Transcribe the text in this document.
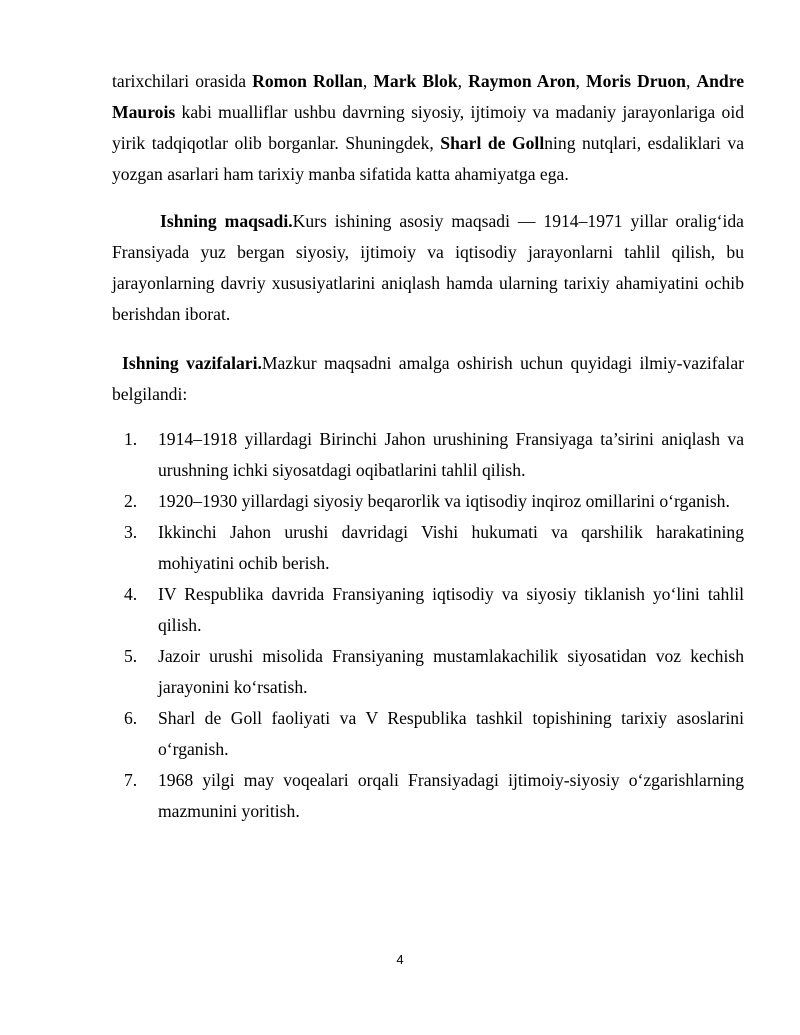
tarixchilari orasida Romon Rollan, Mark Blok, Raymon Aron, Moris Druon, Andre Maurois kabi mualliflar ushbu davrning siyosiy, ijtimoiy va madaniy jarayonlariga oid yirik tadqiqotlar olib borganlar. Shuningdek, Sharl de Gollning nutqlari, esdaliklari va yozgan asarlari ham tarixiy manba sifatida katta ahamiyatga ega.

Ishning maqsadi.Kurs ishining asosiy maqsadi — 1914–1971 yillar oralig‘ida Fransiyada yuz bergan siyosiy, ijtimoiy va iqtisodiy jarayonlarni tahlil qilish, bu jarayonlarning davriy xususiyatlarini aniqlash hamda ularning tarixiy ahamiyatini ochib berishdan iborat.

Ishning vazifalari.Mazkur maqsadni amalga oshirish uchun quyidagi ilmiy-vazifalar belgilandi:

1.	1914–1918 yillardagi Birinchi Jahon urushining Fransiyaga ta’sirini aniqlash va urushning ichki siyosatdagi oqibatlarini tahlil qilish.
2.	1920–1930 yillardagi siyosiy beqarorlik va iqtisodiy inqiroz omillarini o‘rganish.
3.	Ikkinchi Jahon urushi davridagi Vishi hukumati va qarshilik harakatining mohiyatini ochib berish.
4.	IV Respublika davrida Fransiyaning iqtisodiy va siyosiy tiklanish yo‘lini tahlil qilish.
5.	Jazoir urushi misolida Fransiyaning mustamlakachilik siyosatidan voz kechish jarayonini ko‘rsatish.
6.	Sharl de Goll faoliyati va V Respublika tashkil topishining tarixiy asoslarini o‘rganish.
7.	1968 yilgi may voqealari orqali Fransiyadagi ijtimoiy-siyosiy o‘zgarishlarning mazmunini yoritish.
4
